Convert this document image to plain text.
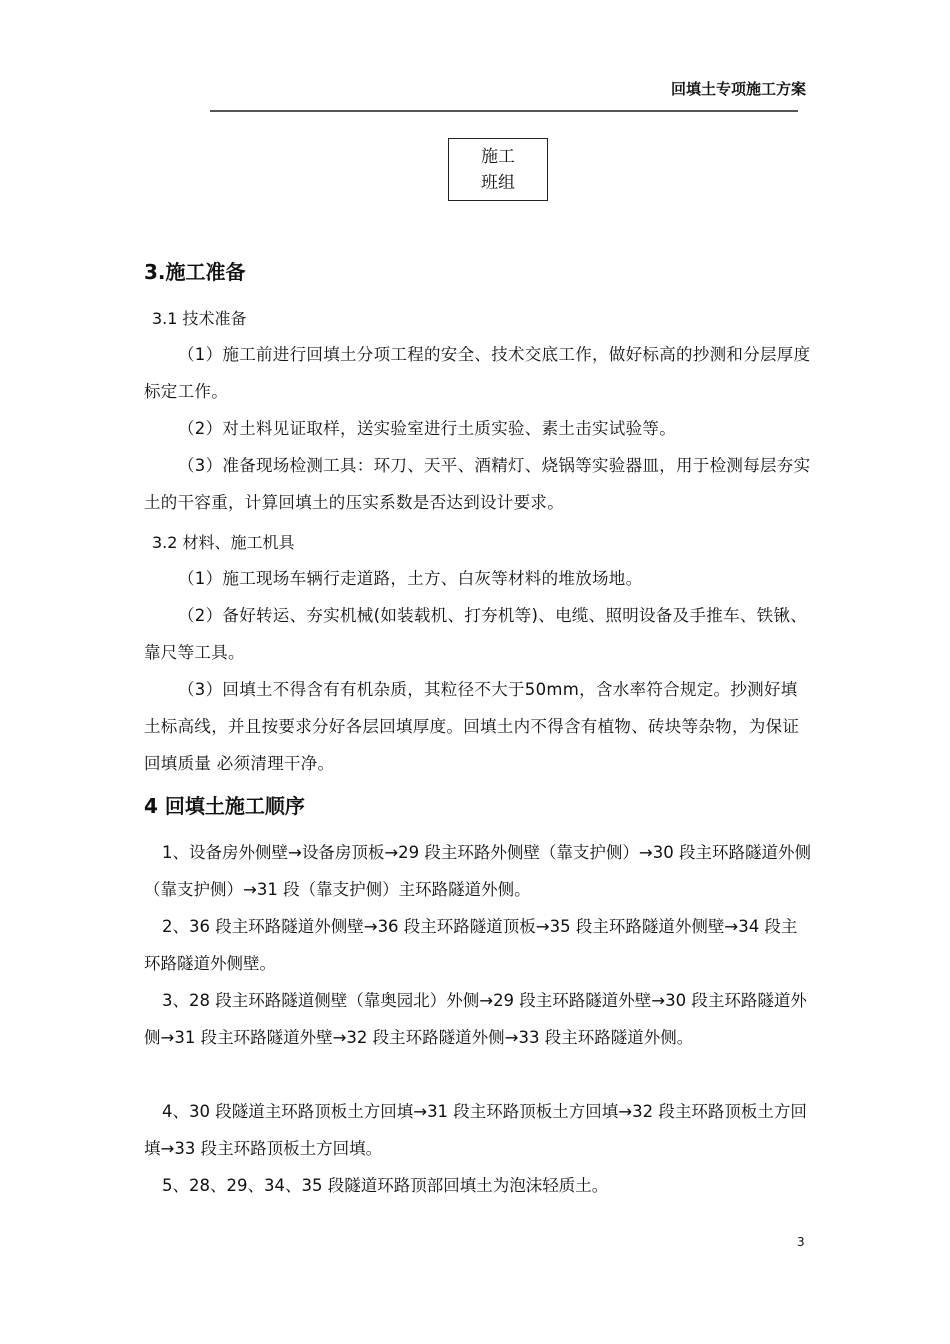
回填土专项施工方案
施工
班组
3.施工准备
3.1 技术准备
（1）施工前进行回填土分项工程的安全、技术交底工作，做好标高的抄测和分层厚度标定工作。
（2）对土料见证取样，送实验室进行土质实验、素土击实试验等。
（3）准备现场检测工具：环刀、天平、酒精灯、烧锅等实验器皿，用于检测每层夯实土的干容重，计算回填土的压实系数是否达到设计要求。
3.2 材料、施工机具
（1）施工现场车辆行走道路，土方、白灰等材料的堆放场地。
（2）备好转运、夯实机械(如装载机、打夯机等)、电缆、照明设备及手推车、铁锹、靠尺等工具。
（3）回填土不得含有有机杂质，其粒径不大于50mm，含水率符合规定。抄测好填土标高线，并且按要求分好各层回填厚度。回填土内不得含有植物、砖块等杂物，为保证回填质量 必须清理干净。
4 回填土施工顺序
1、设备房外侧壁→设备房顶板→29 段主环路外侧壁（靠支护侧）→30 段主环路隧道外侧（靠支护侧）→31 段（靠支护侧）主环路隧道外侧。
2、36 段主环路隧道外侧壁→36 段主环路隧道顶板→35 段主环路隧道外侧壁→34 段主环路隧道外侧壁。
3、28 段主环路隧道侧壁（靠奥园北）外侧→29 段主环路隧道外壁→30 段主环路隧道外侧→31 段主环路隧道外壁→32 段主环路隧道外侧→33 段主环路隧道外侧。
4、30 段隧道主环路顶板土方回填→31 段主环路顶板土方回填→32 段主环路顶板土方回填→33 段主环路顶板土方回填。
5、28、29、34、35 段隧道环路顶部回填土为泡沫轻质土。
3
